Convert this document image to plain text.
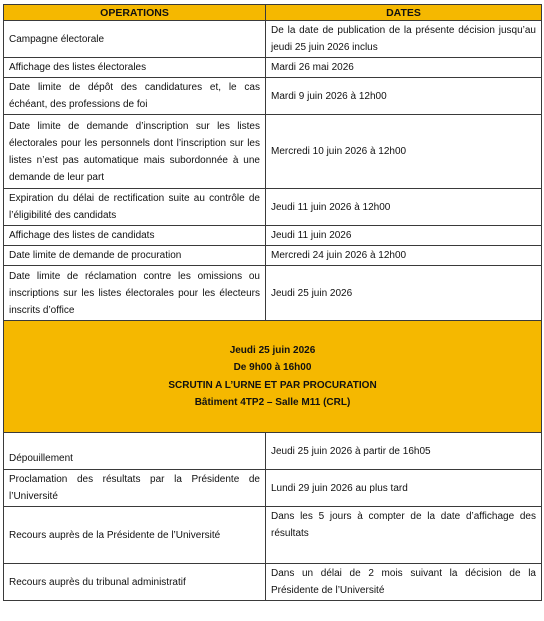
OPERATIONS	DATES
Campagne électorale	De la date de publication de la présente décision jusqu’au jeudi 25 juin 2026 inclus
Affichage des listes électorales	Mardi 26 mai 2026
Date limite de dépôt des candidatures et, le cas échéant, des professions de foi	Mardi 9 juin 2026 à 12h00
Date limite de demande d’inscription sur les listes électorales pour les personnels dont l’inscription sur les listes n’est pas automatique mais subordonnée à une demande de leur part	Mercredi 10 juin 2026 à 12h00
Expiration du délai de rectification suite au contrôle de l’éligibilité des candidats	Jeudi 11 juin 2026 à 12h00
Affichage des listes de candidats	Jeudi 11 juin 2026
Date limite de demande de procuration	Mercredi 24 juin 2026 à 12h00
Date limite de réclamation contre les omissions ou inscriptions sur les listes électorales pour les électeurs inscrits d’office	Jeudi 25 juin 2026

Jeudi 25 juin 2026
De 9h00 à 16h00
SCRUTIN A L’URNE ET PAR PROCURATION
Bâtiment 4TP2 – Salle M11 (CRL)	

Dépouillement	Jeudi 25 juin 2026 à partir de 16h05
Proclamation des résultats par la Présidente de l’Université	Lundi 29 juin 2026 au plus tard
Recours auprès de la Présidente de l’Université	Dans les 5 jours à compter de la date d’affichage des résultats
Recours auprès du tribunal administratif	Dans un délai de 2 mois suivant la décision de la Présidente de l’Université
